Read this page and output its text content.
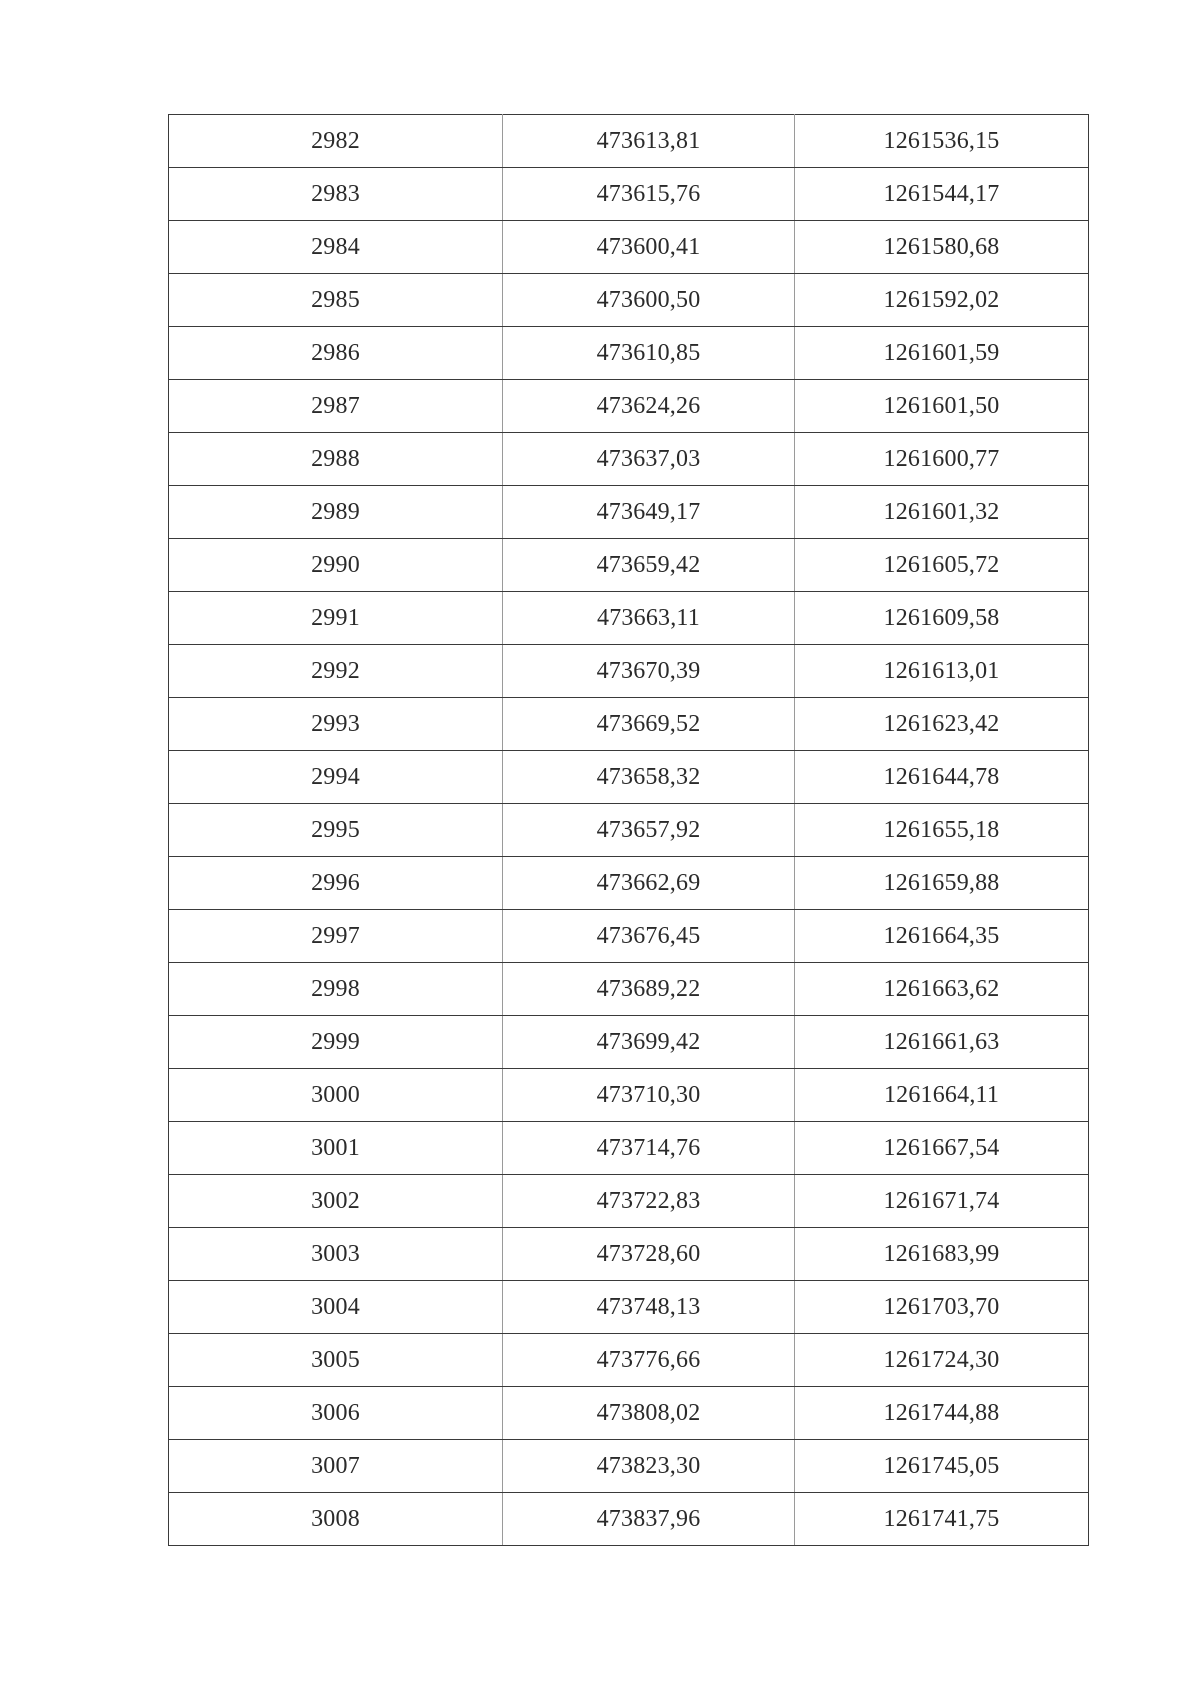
2982	473613,81	1261536,15
2983	473615,76	1261544,17
2984	473600,41	1261580,68
2985	473600,50	1261592,02
2986	473610,85	1261601,59
2987	473624,26	1261601,50
2988	473637,03	1261600,77
2989	473649,17	1261601,32
2990	473659,42	1261605,72
2991	473663,11	1261609,58
2992	473670,39	1261613,01
2993	473669,52	1261623,42
2994	473658,32	1261644,78
2995	473657,92	1261655,18
2996	473662,69	1261659,88
2997	473676,45	1261664,35
2998	473689,22	1261663,62
2999	473699,42	1261661,63
3000	473710,30	1261664,11
3001	473714,76	1261667,54
3002	473722,83	1261671,74
3003	473728,60	1261683,99
3004	473748,13	1261703,70
3005	473776,66	1261724,30
3006	473808,02	1261744,88
3007	473823,30	1261745,05
3008	473837,96	1261741,75
